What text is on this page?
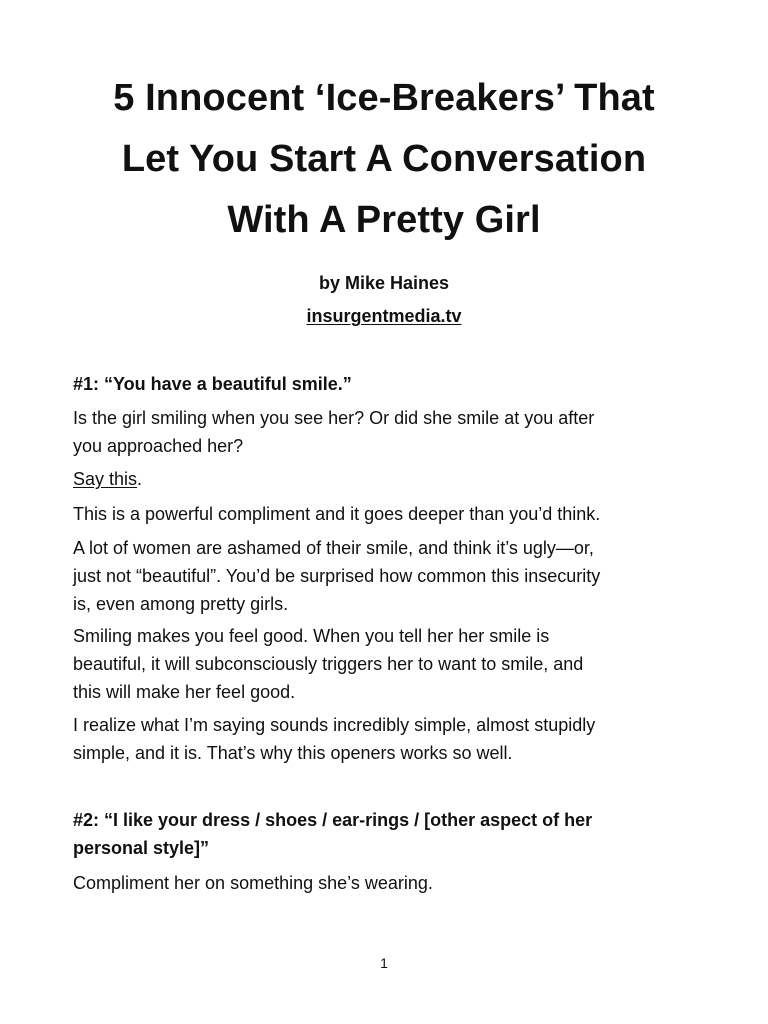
5 Innocent ‘Ice-Breakers’ That
Let You Start A Conversation
With A Pretty Girl

by Mike Haines

insurgentmedia.tv

#1: “You have a beautiful smile.”

Is the girl smiling when you see her? Or did she smile at you after
you approached her?

Say this.

This is a powerful compliment and it goes deeper than you’d think.

A lot of women are ashamed of their smile, and think it’s ugly—or,
just not “beautiful”. You’d be surprised how common this insecurity
is, even among pretty girls.

Smiling makes you feel good. When you tell her her smile is
beautiful, it will subconsciously triggers her to want to smile, and
this will make her feel good.

I realize what I’m saying sounds incredibly simple, almost stupidly
simple, and it is. That’s why this openers works so well.

#2: “I like your dress / shoes / ear-rings / [other aspect of her
personal style]”

Compliment her on something she’s wearing.

1
